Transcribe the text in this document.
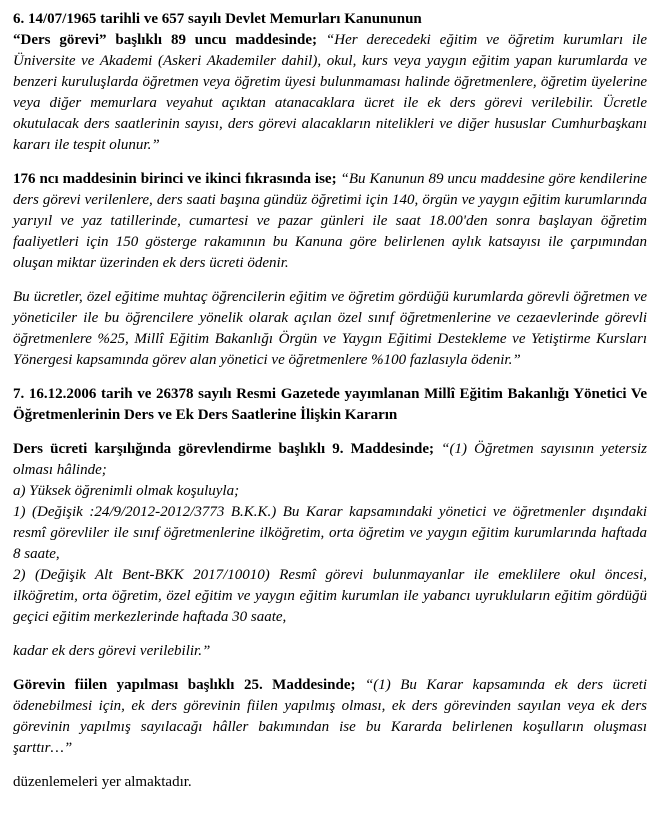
6. 14/07/1965 tarihli ve 657 sayılı Devlet Memurları Kanununun

“Ders görevi” başlıklı 89 uncu maddesinde; “Her derecedeki eğitim ve öğretim kurumları ile Üniversite ve Akademi (Askeri Akademiler dahil), okul, kurs veya yaygın eğitim yapan kurumlarda ve benzeri kuruluşlarda öğretmen veya öğretim üyesi bulunmaması halinde öğretmenlere, öğretim üyelerine veya diğer memurlara veyahut açıktan atanacaklara ücret ile ek ders görevi verilebilir. Ücretle okutulacak ders saatlerinin sayısı, ders görevi alacakların nitelikleri ve diğer hususlar Cumhurbaşkanı kararı ile tespit olunur.”

176 ncı maddesinin birinci ve ikinci fıkrasında ise; “Bu Kanunun 89 uncu maddesine göre kendilerine ders görevi verilenlere, ders saati başına gündüz öğretimi için 140, örgün ve yaygın eğitim kurumlarında yarıyıl ve yaz tatillerinde, cumartesi ve pazar günleri ile saat 18.00'den sonra başlayan öğretim faaliyetleri için 150 gösterge rakamının bu Kanuna göre belirlenen aylık katsayısı ile çarpımından oluşan miktar üzerinden ek ders ücreti ödenir.

Bu ücretler, özel eğitime muhtaç öğrencilerin eğitim ve öğretim gördüğü kurumlarda görevli öğretmen ve yöneticiler ile bu öğrencilere yönelik olarak açılan özel sınıf öğretmenlerine ve cezaevlerinde görevli öğretmenlere %25, Millî Eğitim Bakanlığı Örgün ve Yaygın Eğitimi Destekleme ve Yetiştirme Kursları Yönergesi kapsamında görev alan yönetici ve öğretmenlere %100 fazlasıyla ödenir.”

7. 16.12.2006 tarih ve 26378 sayılı Resmi Gazetede yayımlanan Millî Eğitim Bakanlığı Yönetici Ve Öğretmenlerinin Ders ve Ek Ders Saatlerine İlişkin Kararın

Ders ücreti karşılığında görevlendirme başlıklı 9. Maddesinde; “(1) Öğretmen sayısının yetersiz olması hâlinde;

a) Yüksek öğrenimli olmak koşuluyla;

1) (Değişik :24/9/2012-2012/3773 B.K.K.) Bu Karar kapsamındaki yönetici ve öğretmenler dışındaki resmî görevliler ile sınıf öğretmenlerine ilköğretim, orta öğretim ve yaygın eğitim kurumlarında haftada 8 saate,

2) (Değişik Alt Bent-BKK 2017/10010) Resmî görevi bulunmayanlar ile emeklilere okul öncesi, ilköğretim, orta öğretim, özel eğitim ve yaygın eğitim kurumlan ile yabancı uyrukluların eğitim gördüğü geçici eğitim merkezlerinde haftada 30 saate,

kadar ek ders görevi verilebilir.”

Görevin fiilen yapılması başlıklı 25. Maddesinde; “(1) Bu Karar kapsamında ek ders ücreti ödenebilmesi için, ek ders görevinin fiilen yapılmış olması, ek ders görevinden sayılan veya ek ders görevinin yapılmış sayılacağı hâller bakımından ise bu Kararda belirlenen koşulların oluşması şarttır…”

düzenlemeleri yer almaktadır.
